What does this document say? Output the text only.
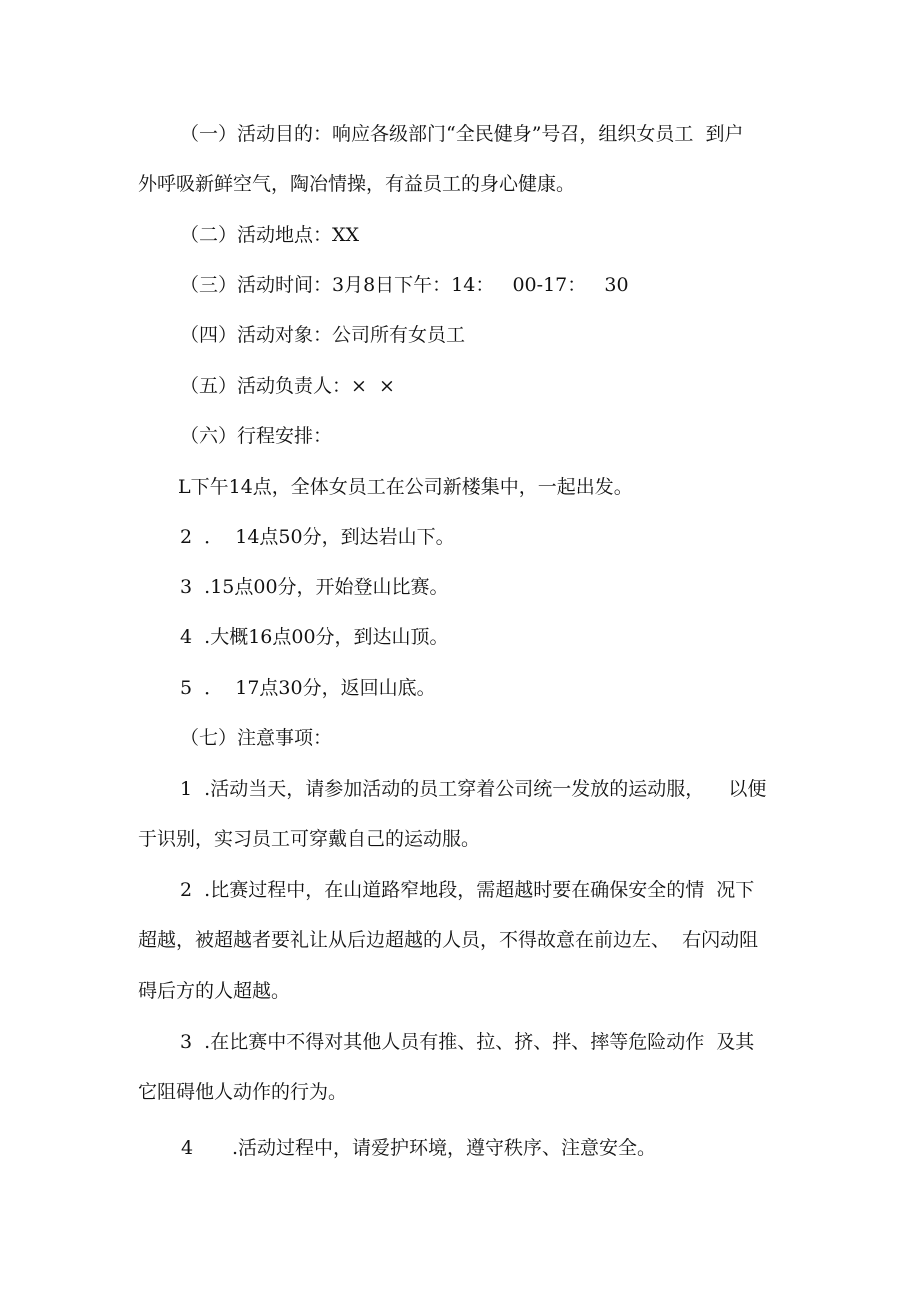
（一）活动目的：响应各级部门“全民健身”号召，组织女员工  到户
外呼吸新鲜空气，陶冶情操，有益员工的身心健康。
（二）活动地点：XX
（三）活动时间：3月8日下午：14：   00-17：   30
（四）活动对象：公司所有女员工
（五）活动负责人：×  ×
（六）行程安排：
L下午14点，全体女员工在公司新楼集中，一起出发。
2  ．  14点50分，到达岩山下。
3  .15点00分，开始登山比赛。
4  .大概16点00分，到达山顶。
5  ．  17点30分，返回山底。
（七）注意事项：
1  .活动当天，请参加活动的员工穿着公司统一发放的运动服，    以便
于识别，实习员工可穿戴自己的运动服。
2  .比赛过程中，在山道路窄地段，需超越时要在确保安全的情  况下
超越，被超越者要礼让从后边超越的人员，不得故意在前边左、  右闪动阻
碍后方的人超越。
3  .在比赛中不得对其他人员有推、拉、挤、拌、摔等危险动作  及其
它阻碍他人动作的行为。
4 .活动过程中，请爱护环境，遵守秩序、注意安全。
